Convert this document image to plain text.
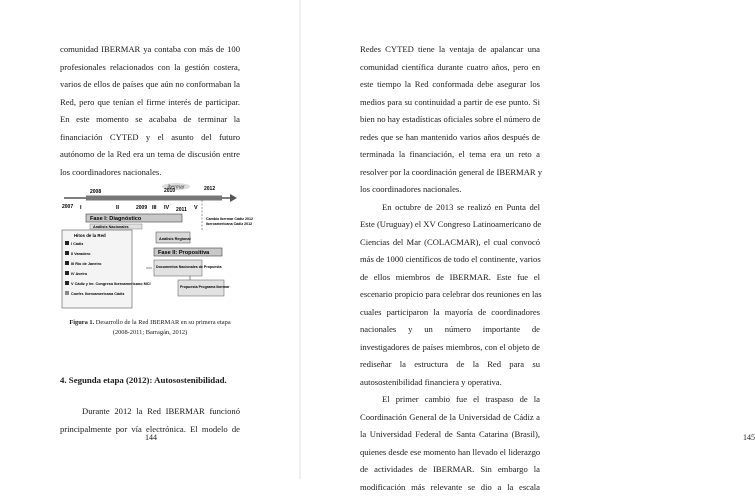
comunidad IBERMAR ya contaba con más de 100
profesionales relacionados con la gestión costera,
varios de ellos de países que aún no conformaban la
Red, pero que tenían el firme interés de participar.
En este momento se acababa de terminar la
financiación CYTED y el asunto del futuro
autónomo de la Red era un tema de discusión entre
los coordinadores nacionales.
ibermar
2008	2010	2012
2007	2009	2011
I	II	III IV	V
Fase I: Diagnóstico
Análisis Nacionales
Cambio Ibermar Cádiz 2012
Iberoamericana Cádiz 2012
Hitos de la Red
I Cádiz
II Varadero
III Río de Janeiro
IV Aveiro
V Cádiz y Ier. Congreso Iberoamericano MCI
Confer. Iberoamericana Cádiz
Análisis Regional
Fase II: Propositiva
Documentos Nacionales de Propuesta
Propuesta Programa Ibermar
Figura 1. Desarrollo de la Red IBERMAR en su primera etapa
(2008-2011; Barragán, 2012)
4. Segunda etapa (2012): Autosostenibilidad.
Durante 2012 la Red IBERMAR funcionó
principalmente por vía electrónica. El modelo de
144	145
Redes CYTED tiene la ventaja de apalancar una
comunidad científica durante cuatro años, pero en
este tiempo la Red conformada debe asegurar los
medios para su continuidad a partir de ese punto. Si
bien no hay estadísticas oficiales sobre el número de
redes que se han mantenido varios años después de
terminada la financiación, el tema era un reto a
resolver por la coordinación general de IBERMAR y
los coordinadores nacionales.
En octubre de 2013 se realizó en Punta del
Este (Uruguay) el XV Congreso Latinoamericano de
Ciencias del Mar (COLACMAR), el cual convocó
más de 1000 científicos de todo el continente, varios
de ellos miembros de IBERMAR. Este fue el
escenario propicio para celebrar dos reuniones en las
cuales participaron la mayoría de coordinadores
nacionales y un número importante de
investigadores de países miembros, con el objeto de
rediseñar la estructura de la Red para su
autosostenibilidad financiera y operativa.
El primer cambio fue el traspaso de la
Coordinación General de la Universidad de Cádiz a
la Universidad Federal de Santa Catarina (Brasil),
quienes desde ese momento han llevado el liderazgo
de actividades de IBERMAR. Sin embargo la
modificación más relevante se dio a la escala
